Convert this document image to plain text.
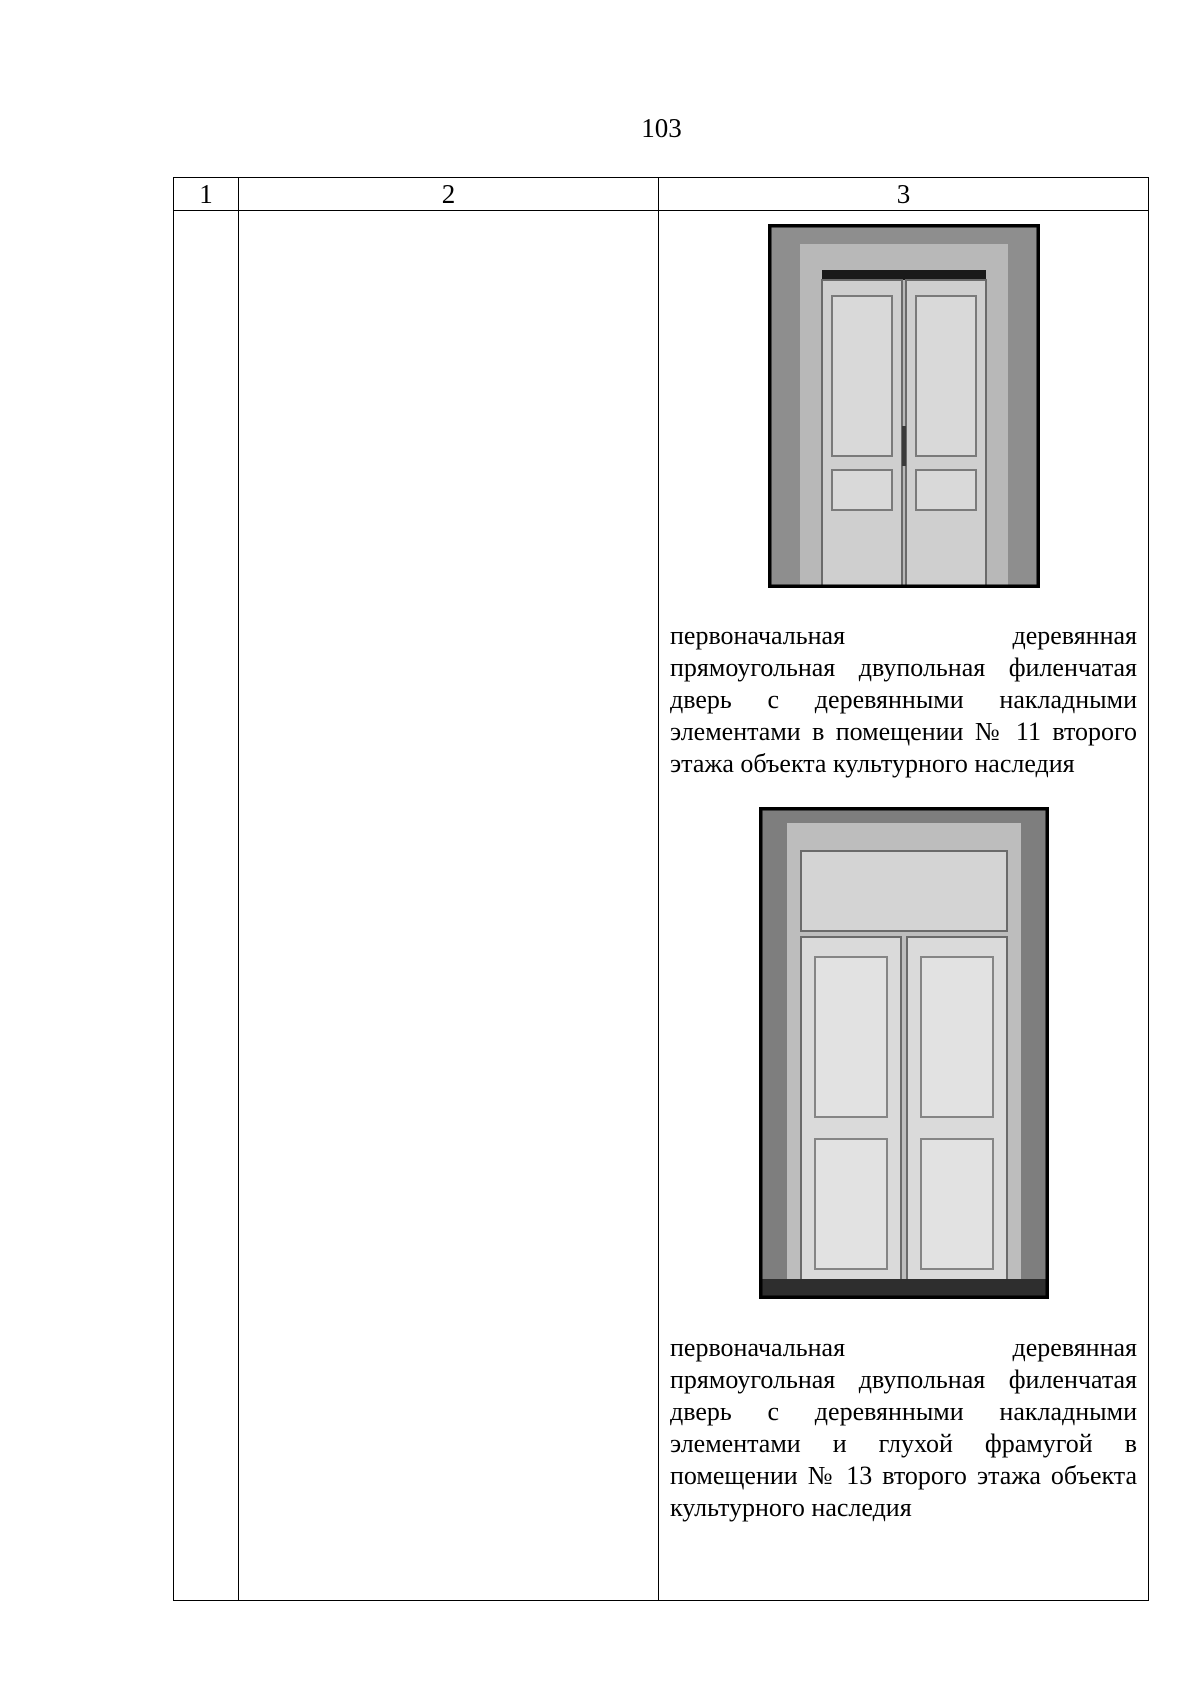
103
1	2	3

		первоначальная деревянная прямоугольная двупольная филенчатая дверь с деревянными накладными элементами в помещении № 11 второго этажа объекта культурного наследия

первоначальная деревянная прямоугольная двупольная филенчатая дверь с деревянными накладными элементами и глухой фрамугой в помещении № 13 второго этажа объекта культурного наследия
